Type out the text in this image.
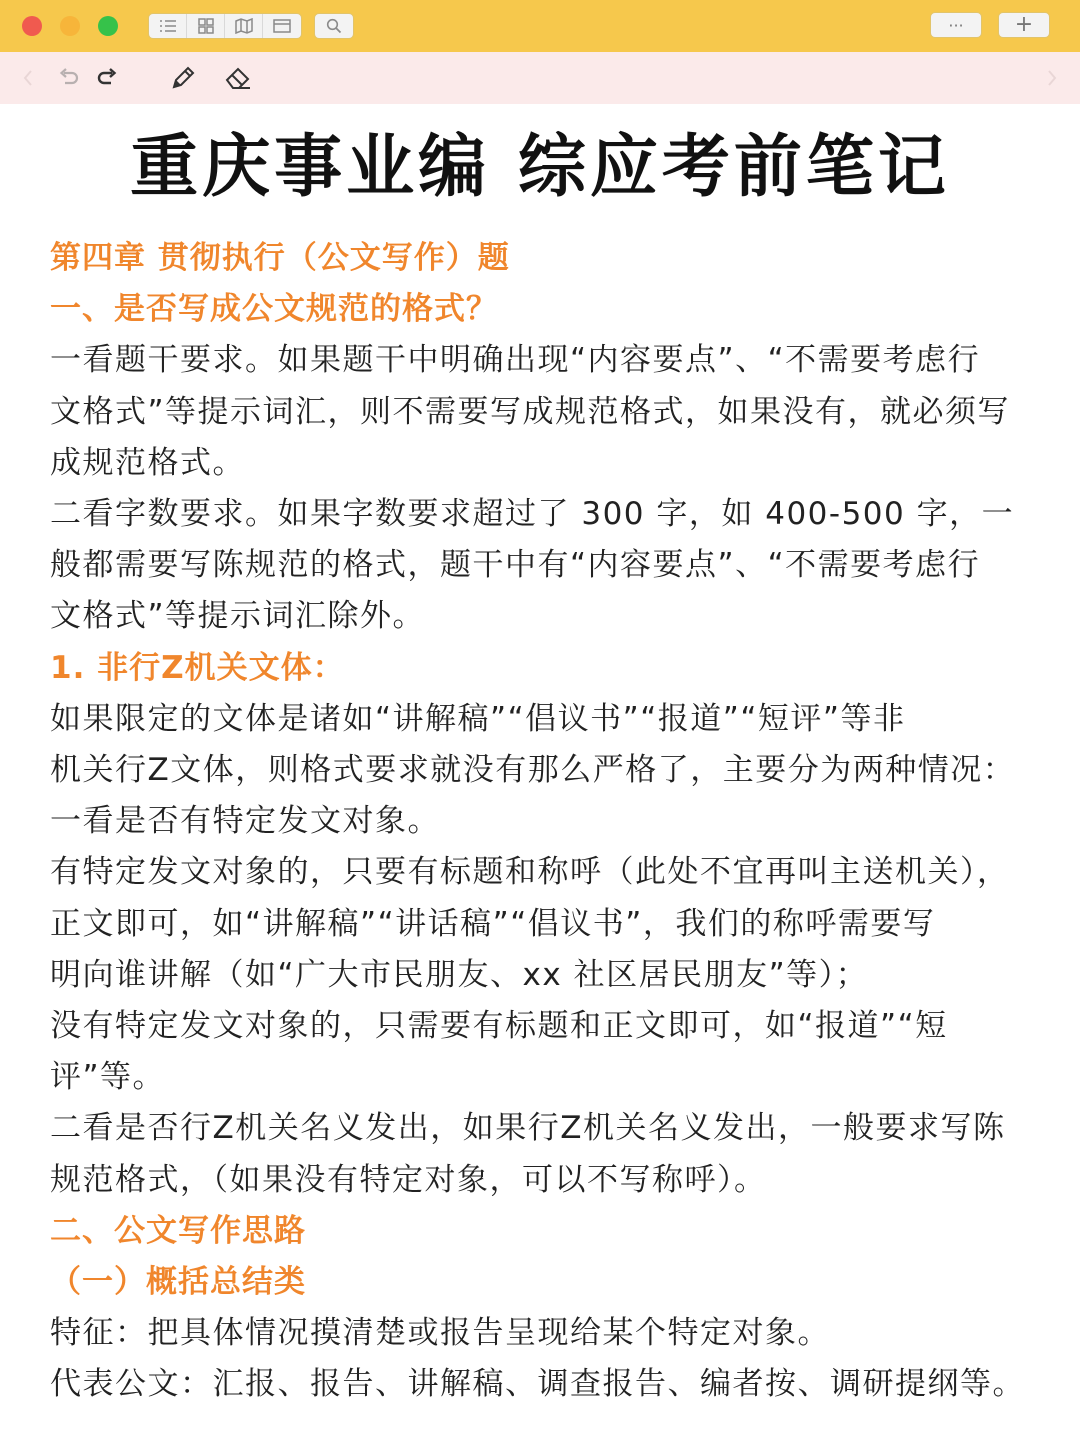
···	+
重庆事业编 综应考前笔记
第四章 贯彻执行（公文写作）题
一、是否写成公文规范的格式？
一看题干要求。如果题干中明确出现“内容要点”、“不需要考虑行
文格式”等提示词汇，则不需要写成规范格式，如果没有，就必须写
成规范格式。
二看字数要求。如果字数要求超过了 300 字，如 400-500 字，一
般都需要写陈规范的格式，题干中有“内容要点”、“不需要考虑行
文格式”等提示词汇除外。
1. 非行Z机关文体：
如果限定的文体是诸如“讲解稿”“倡议书”“报道”“短评”等非
机关行Z文体，则格式要求就没有那么严格了，主要分为两种情况：
一看是否有特定发文对象。
有特定发文对象的，只要有标题和称呼（此处不宜再叫主送机关），
正文即可，如“讲解稿”“讲话稿”“倡议书”，我们的称呼需要写
明向谁讲解（如“广大市民朋友、xx 社区居民朋友”等）；
没有特定发文对象的，只需要有标题和正文即可，如“报道”“短
评”等。
二看是否行Z机关名义发出，如果行Z机关名义发出，一般要求写陈
规范格式，（如果没有特定对象，可以不写称呼）。
二、公文写作思路
（一）概括总结类
特征：把具体情况摸清楚或报告呈现给某个特定对象。
代表公文：汇报、报告、讲解稿、调查报告、编者按、调研提纲等。
